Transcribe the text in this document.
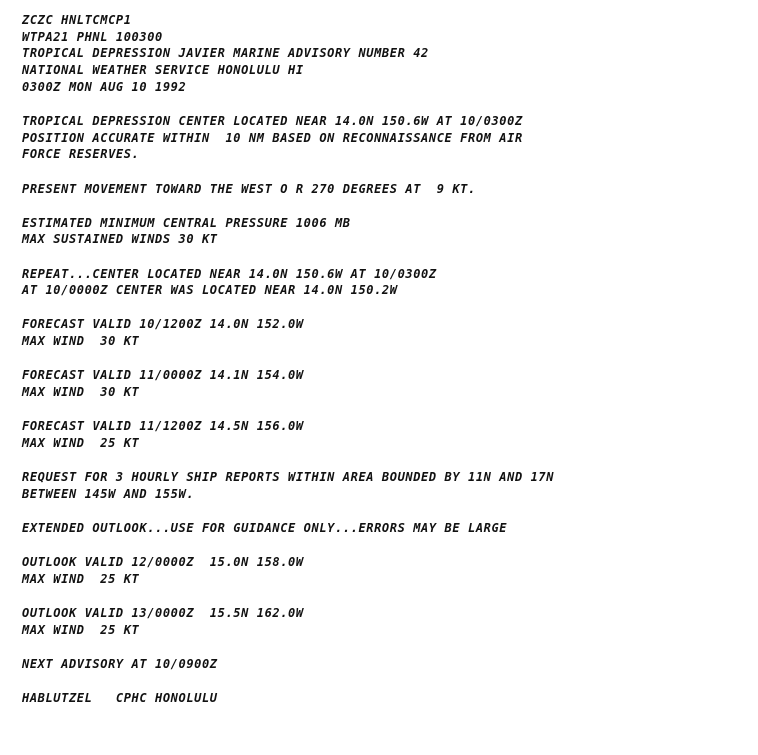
ZCZC HNLTCMCP1
WTPA21 PHNL 100300
TROPICAL DEPRESSION JAVIER MARINE ADVISORY NUMBER 42
NATIONAL WEATHER SERVICE HONOLULU HI
0300Z MON AUG 10 1992
TROPICAL DEPRESSION CENTER LOCATED NEAR 14.0N 150.6W AT 10/0300Z
POSITION ACCURATE WITHIN  10 NM BASED ON RECONNAISSANCE FROM AIR
FORCE RESERVES.
PRESENT MOVEMENT TOWARD THE WEST O R 270 DEGREES AT  9 KT.
ESTIMATED MINIMUM CENTRAL PRESSURE 1006 MB
MAX SUSTAINED WINDS 30 KT
REPEAT...CENTER LOCATED NEAR 14.0N 150.6W AT 10/0300Z
AT 10/0000Z CENTER WAS LOCATED NEAR 14.0N 150.2W
FORECAST VALID 10/1200Z 14.0N 152.0W
MAX WIND  30 KT
FORECAST VALID 11/0000Z 14.1N 154.0W
MAX WIND  30 KT
FORECAST VALID 11/1200Z 14.5N 156.0W
MAX WIND  25 KT
REQUEST FOR 3 HOURLY SHIP REPORTS WITHIN AREA BOUNDED BY 11N AND 17N
BETWEEN 145W AND 155W.
EXTENDED OUTLOOK...USE FOR GUIDANCE ONLY...ERRORS MAY BE LARGE
OUTLOOK VALID 12/0000Z  15.0N 158.0W
MAX WIND  25 KT
OUTLOOK VALID 13/0000Z  15.5N 162.0W
MAX WIND  25 KT
NEXT ADVISORY AT 10/0900Z
HABLUTZEL   CPHC HONOLULU
